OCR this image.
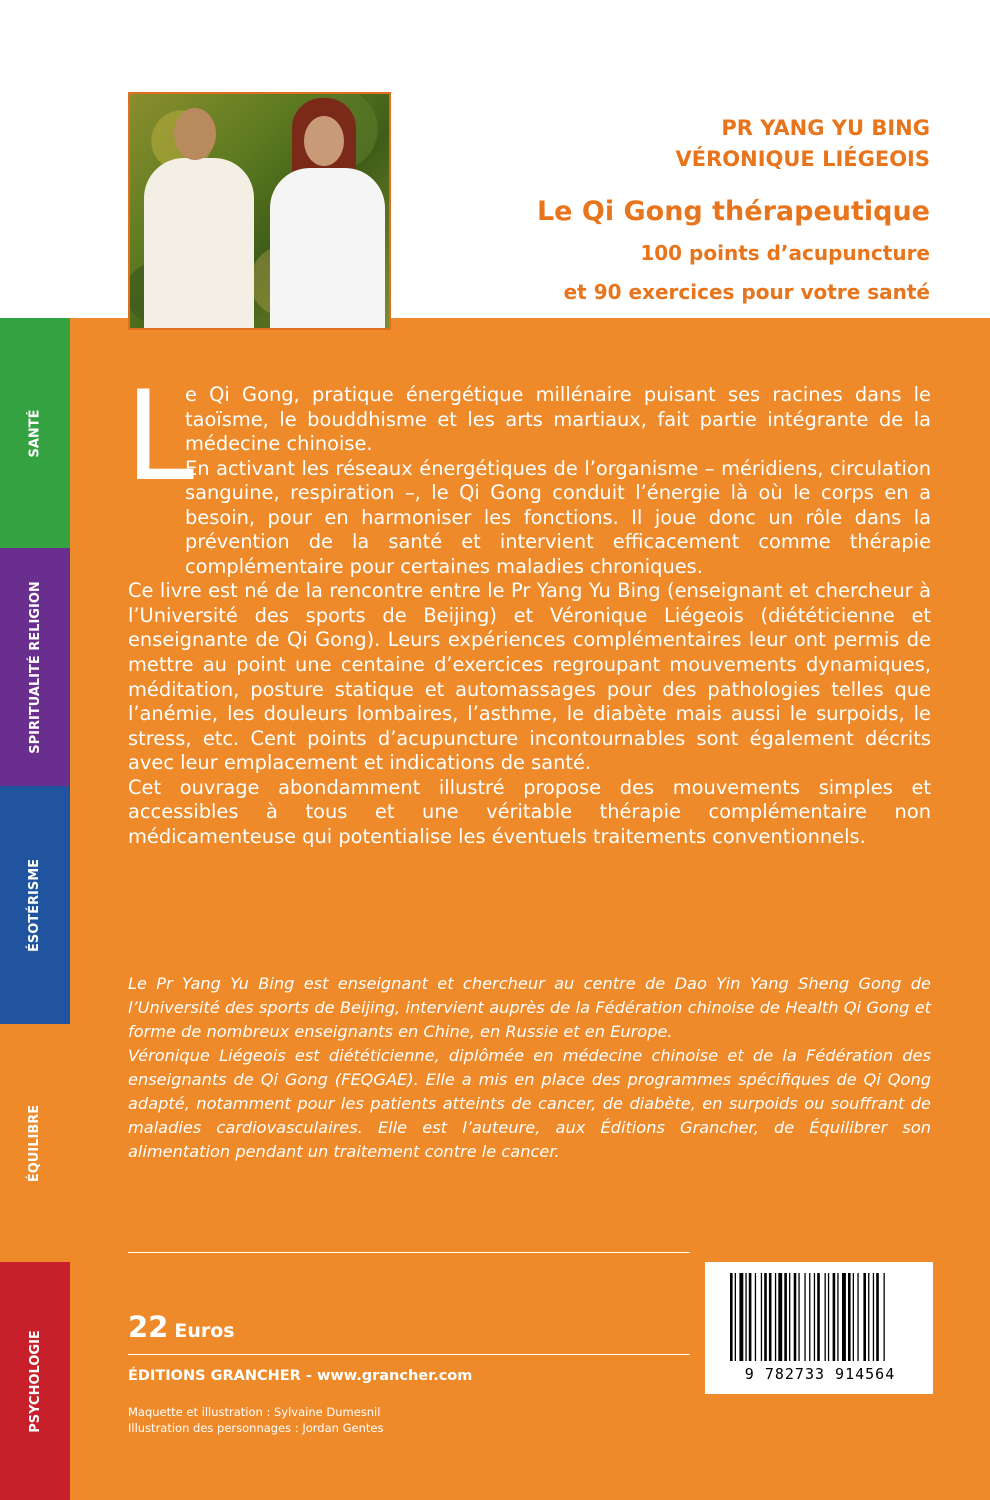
PR YANG YU BING
VÉRONIQUE LIÉGEOIS
Le Qi Gong thérapeutique
100 points d’acupuncture
et 90 exercices pour votre santé
SANTÉ
SPIRITUALITÉ RELIGION
ÉSOTÉRISME
ÉQUILIBRE
PSYCHOLOGIE
L

e Qi Gong, pratique énergétique millénaire puisant ses racines dans le taoïsme, le bouddhisme et les arts martiaux, fait partie intégrante de la médecine chinoise.

En activant les réseaux énergétiques de l’organisme – méridiens, circulation sanguine, respiration –, le Qi Gong conduit l’énergie là où le corps en a besoin, pour en harmoniser les fonctions. Il joue donc un rôle dans la prévention de la santé et intervient efficacement comme thérapie complémentaire pour certaines maladies chroniques.

Ce livre est né de la rencontre entre le Pr Yang Yu Bing (enseignant et chercheur à l’Université des sports de Beijing) et Véronique Liégeois (diététicienne et enseignante de Qi Gong). Leurs expériences complémentaires leur ont permis de mettre au point une centaine d’exercices regroupant mouvements dynamiques, méditation, posture statique et automassages pour des pathologies telles que l’anémie, les douleurs lombaires, l’asthme, le diabète mais aussi le surpoids, le stress, etc. Cent points d’acupuncture incontournables sont également décrits avec leur emplacement et indications de santé.

Cet ouvrage abondamment illustré propose des mouvements simples et accessibles à tous et une véritable thérapie complémentaire non médicamenteuse qui potentialise les éventuels traitements conventionnels.

Le Pr Yang Yu Bing est enseignant et chercheur au centre de Dao Yin Yang Sheng Gong de l’Université des sports de Beijing, intervient auprès de la Fédération chinoise de Health Qi Gong et forme de nombreux enseignants en Chine, en Russie et en Europe.

Véronique Liégeois est diététicienne, diplômée en médecine chinoise et de la Fédération des enseignants de Qi Gong (FEQGAE). Elle a mis en place des programmes spécifiques de Qi Qong adapté, notamment pour les patients atteints de cancer, de diabète, en surpoids ou souffrant de maladies cardiovasculaires. Elle est l’auteure, aux Éditions Grancher, de Équilibrer son alimentation pendant un traitement contre le cancer.

22 Euros
ÉDITIONS GRANCHER - www.grancher.com
Maquette et illustration : Sylvaine Dumesnil
Illustration des personnages : Jordan Gentes
9 782733 914564
